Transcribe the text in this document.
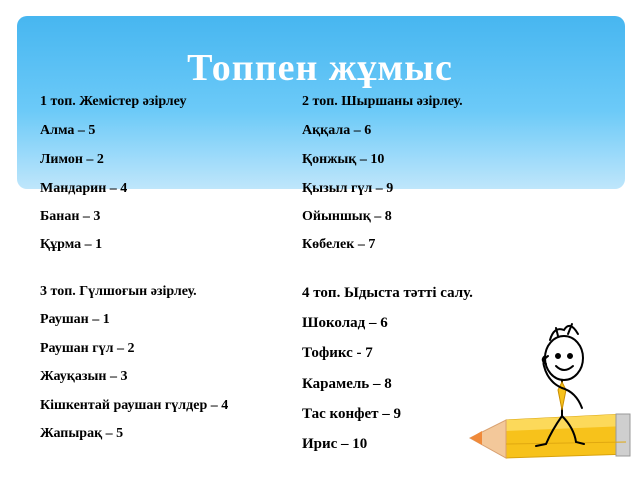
Топпен жұмыс
1 топ. Жемістер әзірлеу
Алма – 5
Лимон – 2
Мандарин – 4
Банан – 3
Құрма – 1
2 топ. Шыршаны әзірлеу.
Аққала – 6
Қонжық – 10
Қызыл гүл – 9
Ойыншық – 8
Көбелек – 7
3 топ. Гүлшоғын әзірлеу.
Раушан – 1
Раушан гүл – 2
Жауқазын – 3
Кішкентай раушан гүлдер – 4
Жапырақ – 5
4 топ. Ыдыста тәтті салу.
Шоколад – 6
Тофикс - 7
Карамель – 8
Тас конфет – 9
Ирис – 10
